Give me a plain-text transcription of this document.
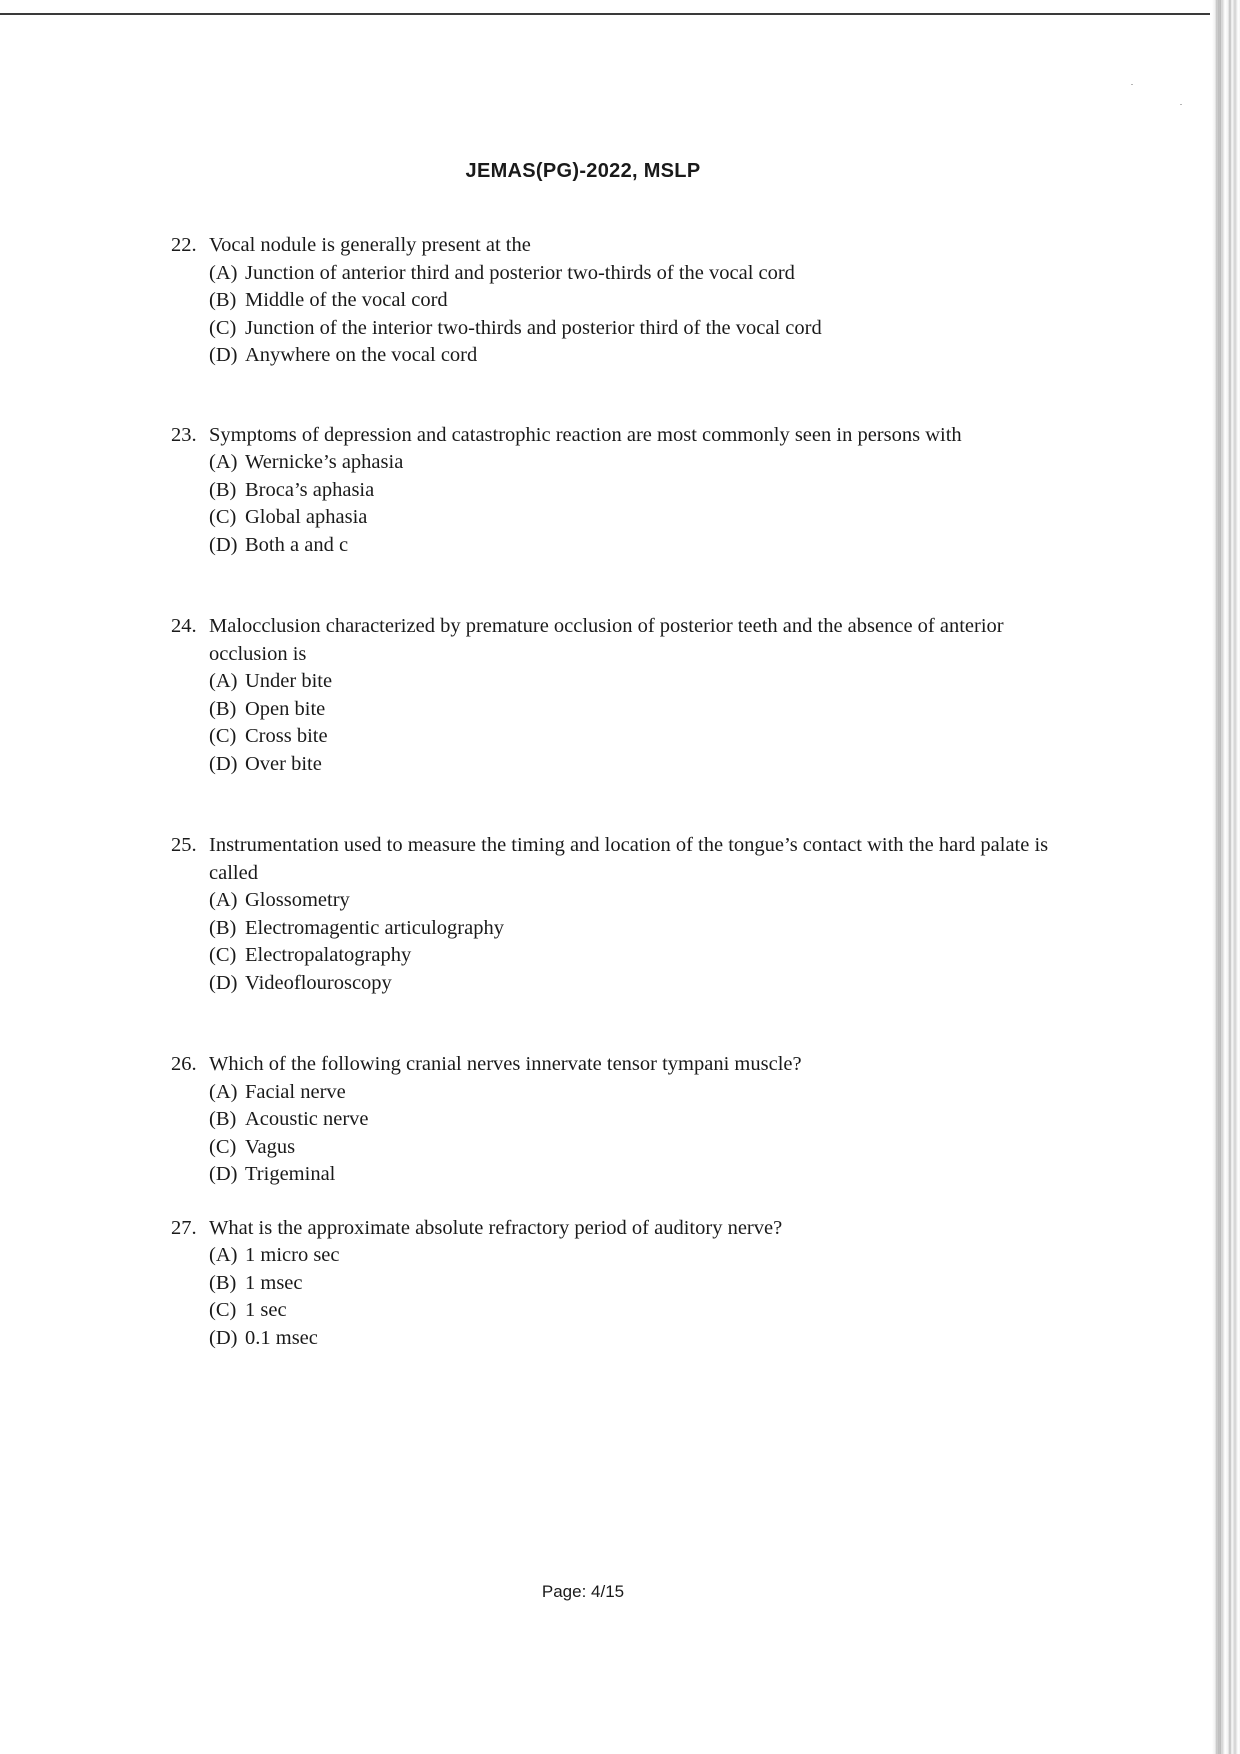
JEMAS(PG)-2022, MSLP
22. Vocal nodule is generally present at the
(A) Junction of anterior third and posterior two-thirds of the vocal cord
(B) Middle of the vocal cord
(C) Junction of the interior two-thirds and posterior third of the vocal cord
(D) Anywhere on the vocal cord
23. Symptoms of depression and catastrophic reaction are most commonly seen in persons with
(A) Wernicke’s aphasia
(B) Broca’s aphasia
(C) Global aphasia
(D) Both a and c
24. Malocclusion characterized by premature occlusion of posterior teeth and the absence of anterior occlusion is
(A) Under bite
(B) Open bite
(C) Cross bite
(D) Over bite
25. Instrumentation used to measure the timing and location of the tongue’s contact with the hard palate is called
(A) Glossometry
(B) Electromagentic articulography
(C) Electropalatography
(D) Videoflouroscopy
26. Which of the following cranial nerves innervate tensor tympani muscle?
(A) Facial nerve
(B) Acoustic nerve
(C) Vagus
(D) Trigeminal
27. What is the approximate absolute refractory period of auditory nerve?
(A) 1 micro sec
(B) 1 msec
(C) 1 sec
(D) 0.1 msec
Page: 4/15
